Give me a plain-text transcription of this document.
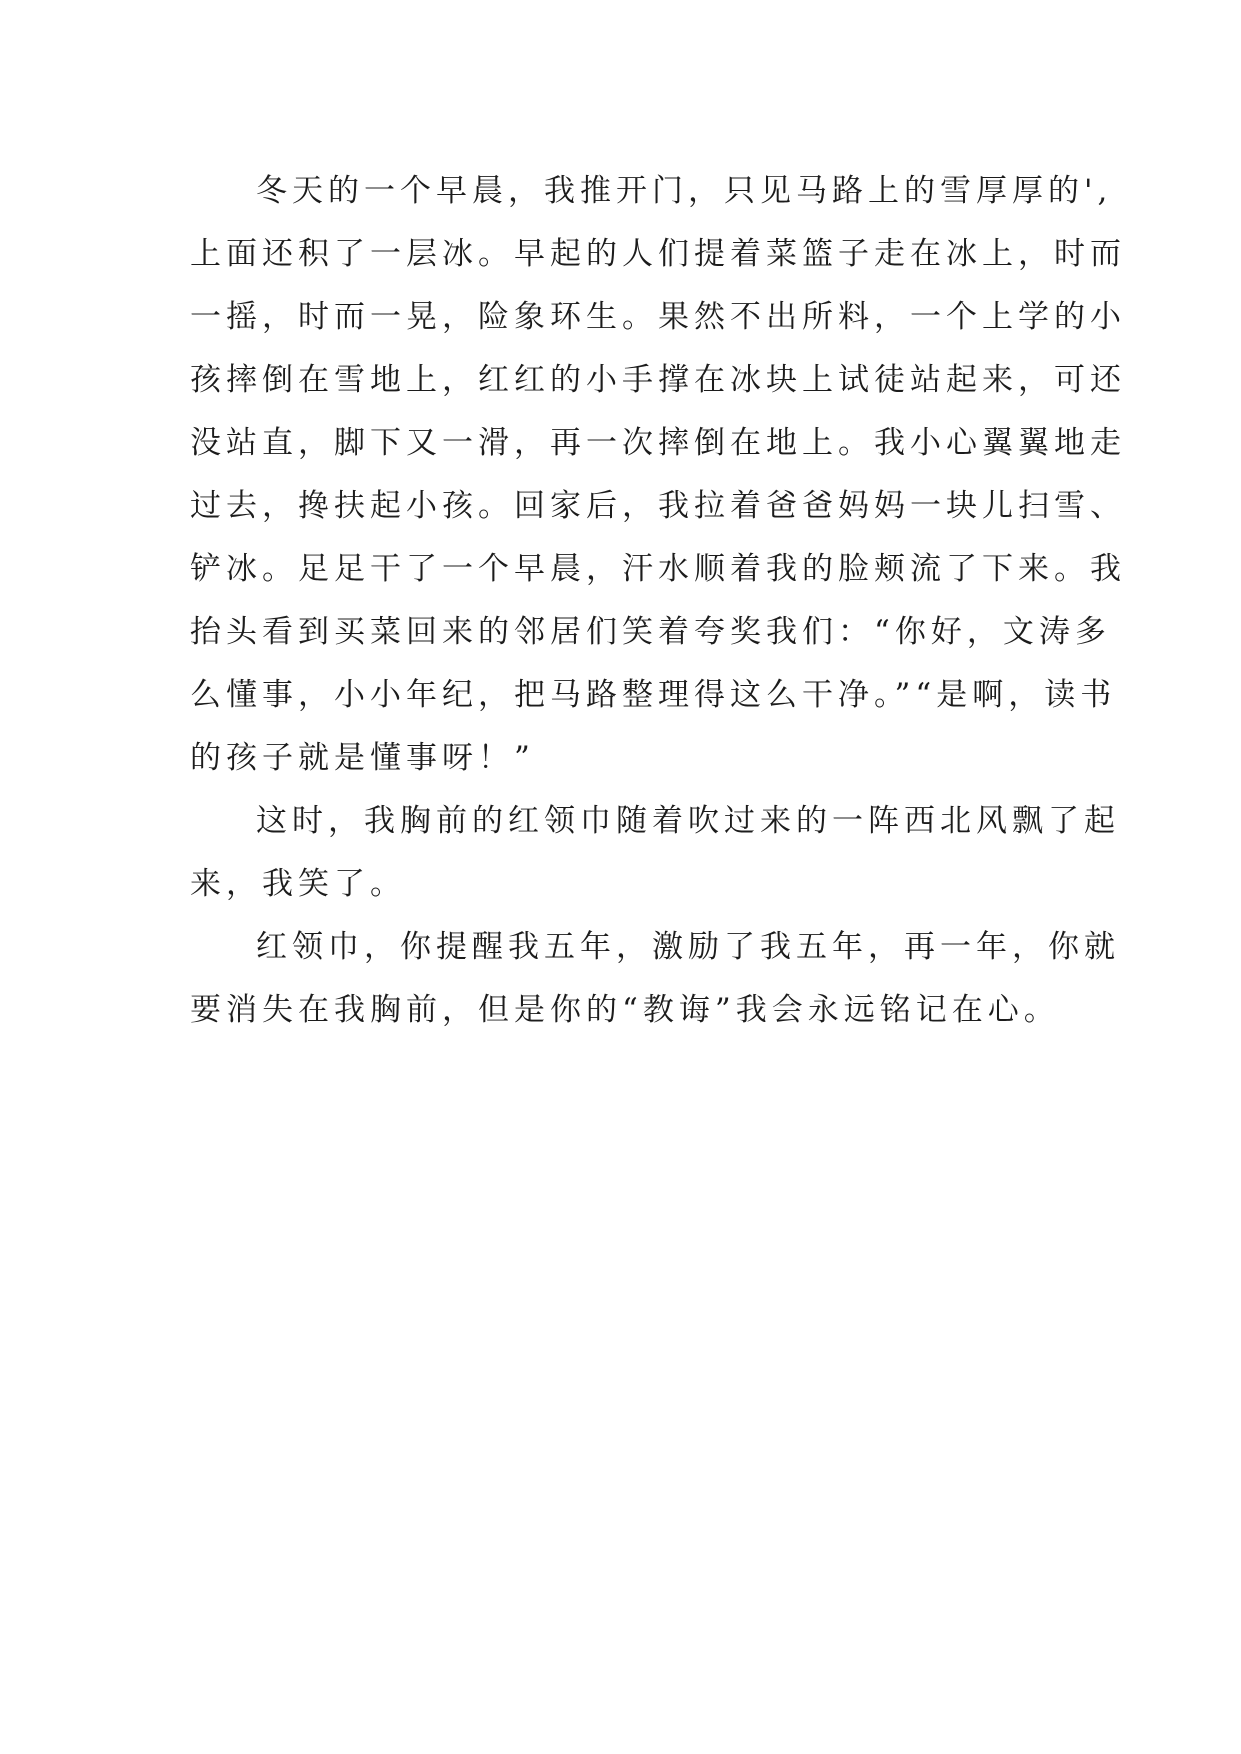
冬天的一个早晨，我推开门，只见马路上的雪厚厚的',
上面还积了一层冰。早起的人们提着菜篮子走在冰上，时而
一摇，时而一晃，险象环生。果然不出所料，一个上学的小
孩摔倒在雪地上，红红的小手撑在冰块上试徒站起来，可还
没站直，脚下又一滑，再一次摔倒在地上。我小心翼翼地走
过去，搀扶起小孩。回家后，我拉着爸爸妈妈一块儿扫雪、
铲冰。足足干了一个早晨，汗水顺着我的脸颊流了下来。我
抬头看到买菜回来的邻居们笑着夸奖我们：“你好，文涛多
么懂事，小小年纪，把马路整理得这么干净。”“是啊，读书
的孩子就是懂事呀！”
这时，我胸前的红领巾随着吹过来的一阵西北风飘了起
来，我笑了。
红领巾，你提醒我五年，激励了我五年，再一年，你就
要消失在我胸前，但是你的“教诲”我会永远铭记在心。
